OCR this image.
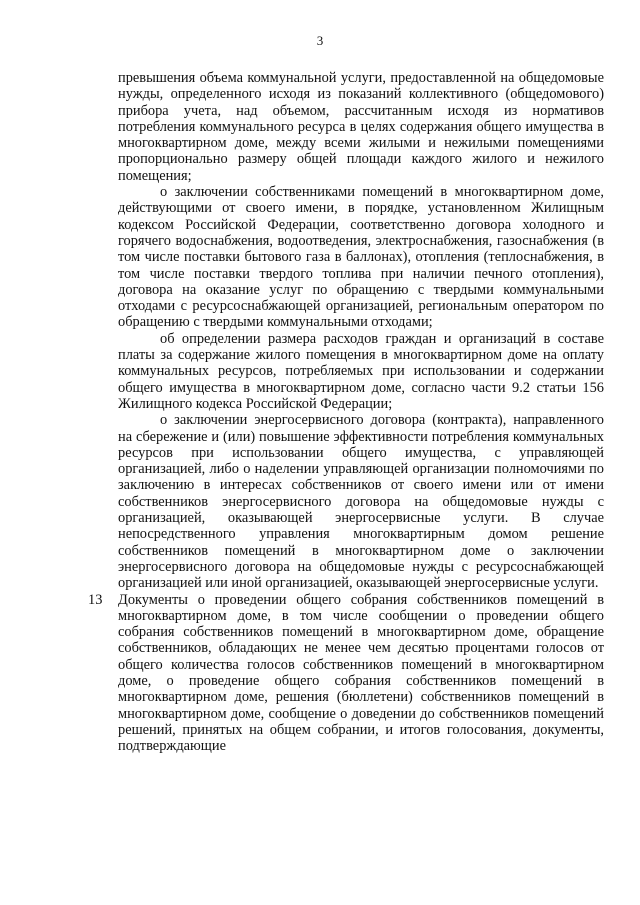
3

превышения объема коммунальной услуги, предоставленной на общедомовые нужды, определенного исходя из показаний коллективного (общедомового) прибора учета, над объемом, рассчитанным исходя из нормативов потребления коммунального ресурса в целях содержания общего имущества в многоквартирном доме, между всеми жилыми и нежилыми помещениями пропорционально размеру общей площади каждого жилого и нежилого помещения;

о заключении собственниками помещений в многоквартирном доме, действующими от своего имени, в порядке, установленном Жилищным кодексом Российской Федерации, соответственно договора холодного и горячего водоснабжения, водоотведения, электроснабжения, газоснабжения (в том числе поставки бытового газа в баллонах), отопления (теплоснабжения, в том числе поставки твердого топлива при наличии печного отопления), договора на оказание услуг по обращению с твердыми коммунальными отходами с ресурсоснабжающей организацией, региональным оператором по обращению с твердыми коммунальными отходами;

об определении размера расходов граждан и организаций в составе платы за содержание жилого помещения в многоквартирном доме на оплату коммунальных ресурсов, потребляемых при использовании и содержании общего имущества в многоквартирном доме, согласно части 9.2 статьи 156 Жилищного кодекса Российской Федерации;

о заключении энергосервисного договора (контракта), направленного на сбережение и (или) повышение эффективности потребления коммунальных ресурсов при использовании общего имущества, с управляющей организацией, либо о наделении управляющей организации полномочиями по заключению в интересах собственников от своего имени или от имени собственников энергосервисного договора на общедомовые нужды с организацией, оказывающей энергосервисные услуги. В случае непосредственного управления многоквартирным домом решение собственников помещений в многоквартирном доме о заключении энергосервисного договора на общедомовые нужды с ресурсоснабжающей организацией или иной организацией, оказывающей энергосервисные услуги.

13 Документы о проведении общего собрания собственников помещений в многоквартирном доме, в том числе сообщении о проведении общего собрания собственников помещений в многоквартирном доме, обращение собственников, обладающих не менее чем десятью процентами голосов от общего количества голосов собственников помещений в многоквартирном доме, о проведение общего собрания собственников помещений в многоквартирном доме, решения (бюллетени) собственников помещений в многоквартирном доме, сообщение о доведении до собственников помещений решений, принятых на общем собрании, и итогов голосования, документы, подтверждающие
